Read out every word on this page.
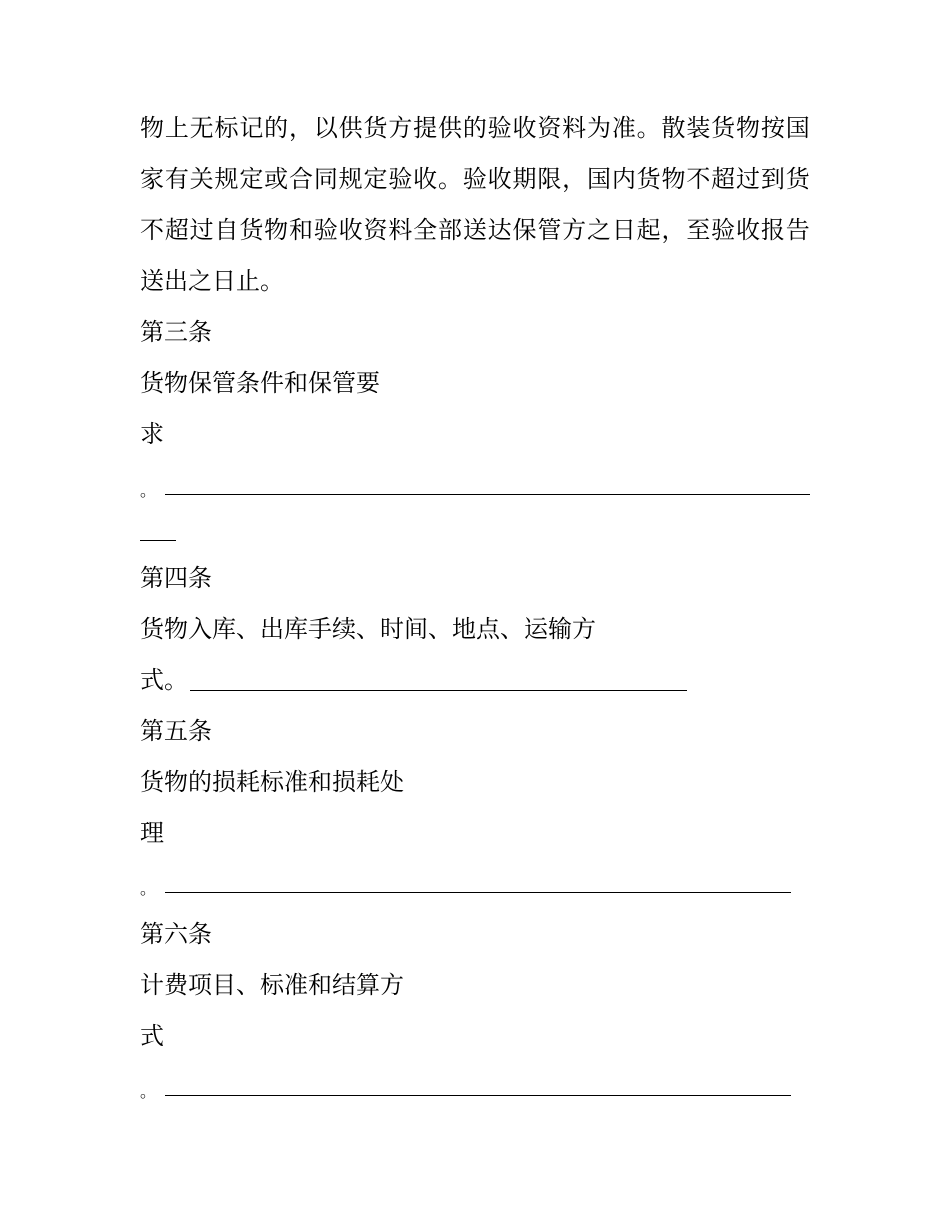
物上无标记的，以供货方提供的验收资料为准。散装货物按国
家有关规定或合同规定验收。验收期限，国内货物不超过到货
不超过自货物和验收资料全部送达保管方之日起，至验收报告
送出之日止。
第三条
货物保管条件和保管要
求
。
第四条
货物入库、出库手续、时间、地点、运输方
式。
第五条
货物的损耗标准和损耗处
理
。
第六条
计费项目、标准和结算方
式
。
